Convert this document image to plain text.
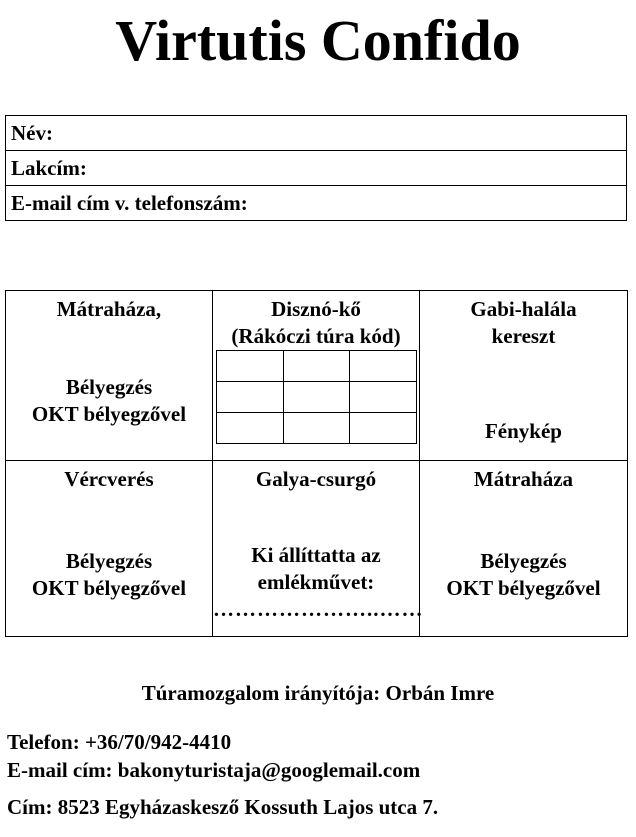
Virtutis Confido
Név:
Lakcím:
E-mail cím v. telefonszám:
Mátraháza,
Bélyegzés
OKT bélyegzővel

Disznó-kő
(Rákóczi túra kód)

Gabi-halála
kereszt
Fénykép

Vércverés
Bélyegzés
OKT bélyegzővel

Galya-csurgó
Ki állíttatta az
emlékművet:
…………………..……

Mátraháza
Bélyegzés
OKT bélyegzővel
Túramozgalom irányítója: Orbán Imre
Telefon: +36/70/942-4410
E-mail cím: bakonyturistaja@googlemail.com
Cím: 8523 Egyházaskesző Kossuth Lajos utca 7.
